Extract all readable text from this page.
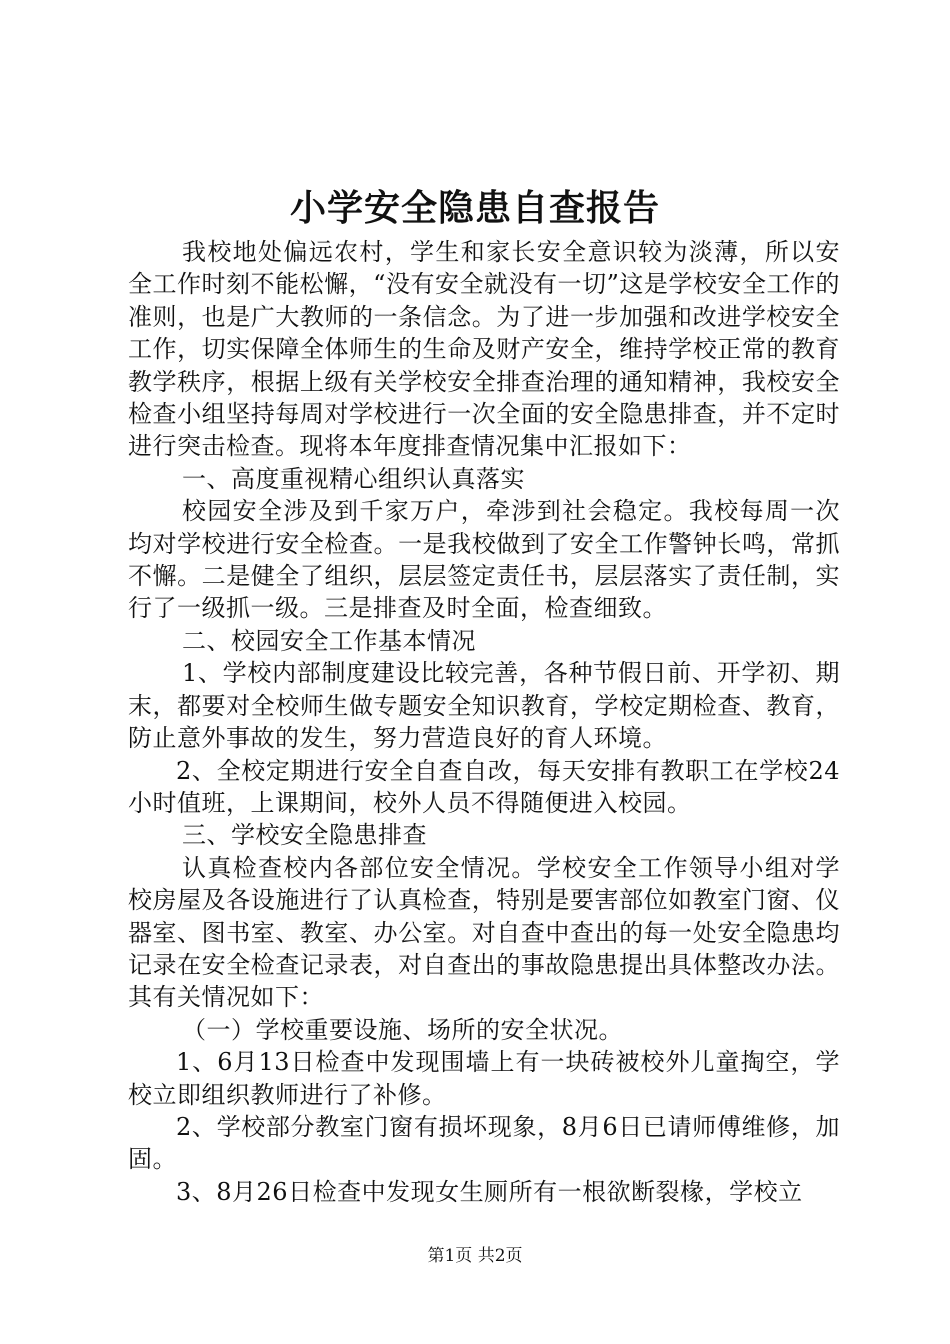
小学安全隐患自查报告

我校地处偏远农村，学生和家长安全意识较为淡薄，所以安全工作时刻不能松懈，“没有安全就没有一切”这是学校安全工作的准则，也是广大教师的一条信念。为了进一步加强和改进学校安全工作，切实保障全体师生的生命及财产安全，维持学校正常的教育教学秩序，根据上级有关学校安全排查治理的通知精神，我校安全检查小组坚持每周对学校进行一次全面的安全隐患排查，并不定时进行突击检查。现将本年度排查情况集中汇报如下：

一、高度重视精心组织认真落实

校园安全涉及到千家万户，牵涉到社会稳定。我校每周一次均对学校进行安全检查。一是我校做到了安全工作警钟长鸣，常抓不懈。二是健全了组织，层层签定责任书，层层落实了责任制，实行了一级抓一级。三是排查及时全面，检查细致。

二、校园安全工作基本情况

1、学校内部制度建设比较完善，各种节假日前、开学初、期末，都要对全校师生做专题安全知识教育，学校定期检查、教育，防止意外事故的发生，努力营造良好的育人环境。

2、全校定期进行安全自查自改，每天安排有教职工在学校24小时值班，上课期间，校外人员不得随便进入校园。

三、学校安全隐患排查

认真检查校内各部位安全情况。学校安全工作领导小组对学校房屋及各设施进行了认真检查，特别是要害部位如教室门窗、仪器室、图书室、教室、办公室。对自查中查出的每一处安全隐患均记录在安全检查记录表，对自查出的事故隐患提出具体整改办法。其有关情况如下：

（一）学校重要设施、场所的安全状况。

1、6月13日检查中发现围墙上有一块砖被校外儿童掏空，学校立即组织教师进行了补修。

2、学校部分教室门窗有损坏现象，8月6日已请师傅维修，加固。

3、8月26日检查中发现女生厕所有一根欲断裂椽，学校立

第1页 共2页
